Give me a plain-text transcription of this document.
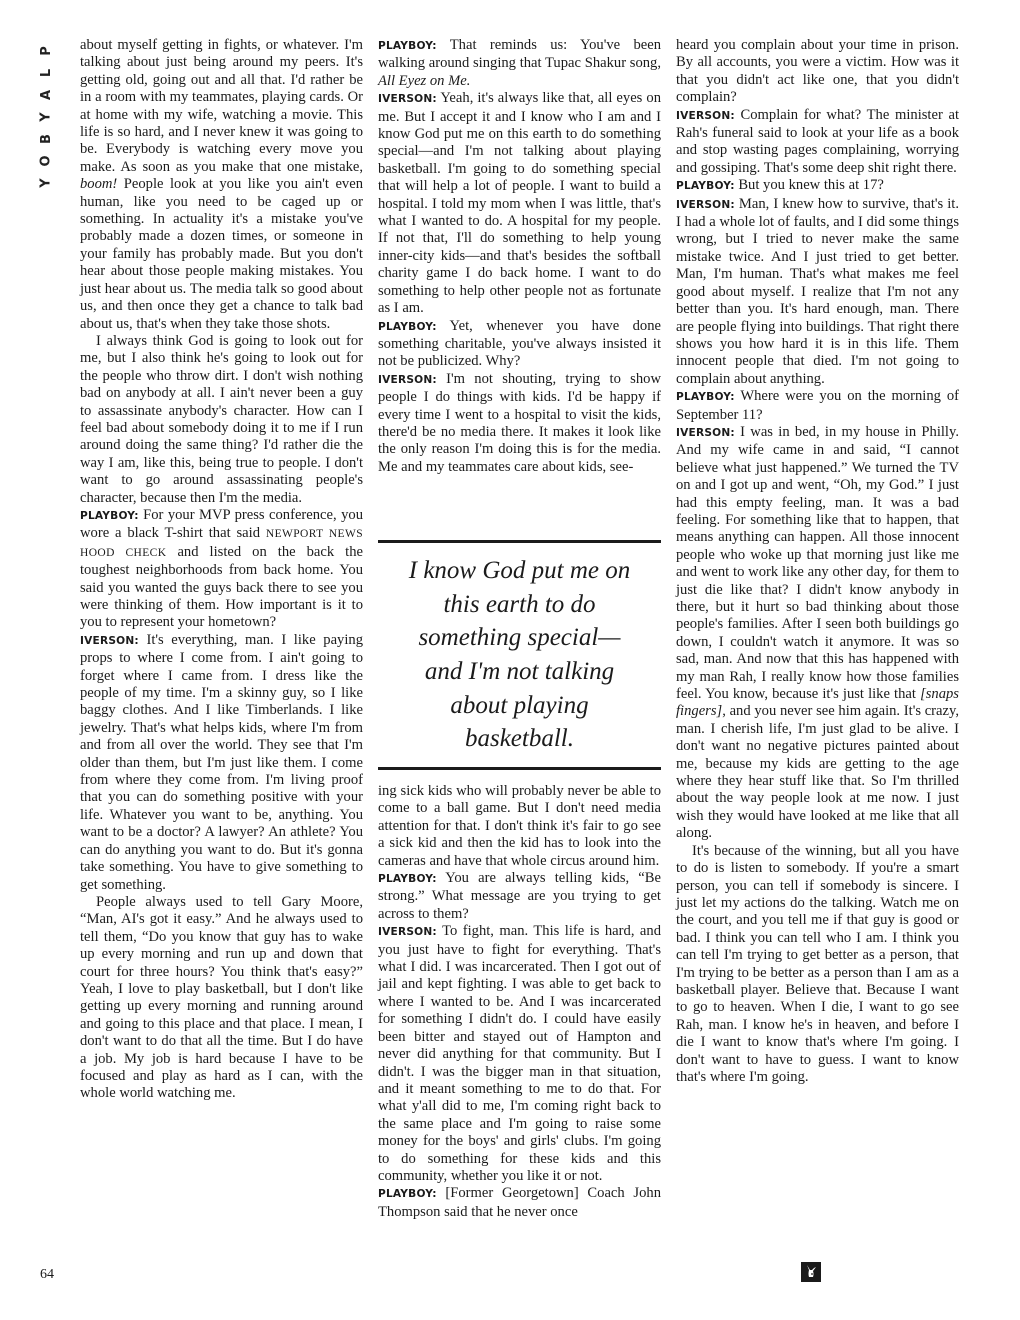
P
L
A
Y
B
O
Y

about myself getting in fights, or whatever. I'm talking about just being around my peers. It's getting old, going out and all that. I'd rather be in a room with my teammates, playing cards. Or at home with my wife, watching a movie. This life is so hard, and I never knew it was going to be. Everybody is watching every move you make. As soon as you make that one mistake, boom! People look at you like you ain't even human, like you need to be caged up or something. In actuality it's a mistake you've probably made a dozen times, or someone in your family has probably made. But you don't hear about those people making mistakes. You just hear about us. The media talk so good about us, and then once they get a chance to talk bad about us, that's when they take those shots.

I always think God is going to look out for me, but I also think he's going to look out for the people who throw dirt. I don't wish nothing bad on anybody at all. I ain't never been a guy to assassinate anybody's character. How can I feel bad about somebody doing it to me if I run around doing the same thing? I'd rather die the way I am, like this, being true to people. I don't want to go around assassinating people's character, because then I'm the media.

PLAYBOY: For your MVP press conference, you wore a black T-shirt that said NEWPORT NEWS HOOD CHECK and listed on the back the toughest neighborhoods from back home. You said you wanted the guys back there to see you were thinking of them. How important is it to you to represent your hometown?

IVERSON: It's everything, man. I like paying props to where I come from. I ain't going to forget where I came from. I dress like the people of my time. I'm a skinny guy, so I like baggy clothes. And I like Timberlands. I like jewelry. That's what helps kids, where I'm from and from all over the world. They see that I'm older than them, but I'm just like them. I come from where they come from. I'm living proof that you can do something positive with your life. Whatever you want to be, anything. You want to be a doctor? A lawyer? An athlete? You can do anything you want to do. But it's gonna take something. You have to give something to get something.

People always used to tell Gary Moore, “Man, AI's got it easy.” And he always used to tell them, “Do you know that guy has to wake up every morning and run up and down that court for three hours? You think that's easy?” Yeah, I love to play basketball, but I don't like getting up every morning and running around and going to this place and that place. I mean, I don't want to do that all the time. But I do have a job. My job is hard because I have to be focused and play as hard as I can, with the whole world watching me.

PLAYBOY: That reminds us: You've been walking around singing that Tupac Shakur song, All Eyez on Me.

IVERSON: Yeah, it's always like that, all eyes on me. But I accept it and I know who I am and I know God put me on this earth to do something special—and I'm not talking about playing basketball. I'm going to do something special that will help a lot of people. I want to build a hospital. I told my mom when I was little, that's what I wanted to do. A hospital for my people. If not that, I'll do something to help young inner-city kids—and that's besides the softball charity game I do back home. I want to do something to help other people not as fortunate as I am.

PLAYBOY: Yet, whenever you have done something charitable, you've always insisted it not be publicized. Why?

IVERSON: I'm not shouting, trying to show people I do things with kids. I'd be happy if every time I went to a hospital to visit the kids, there'd be no media there. It makes it look like the only reason I'm doing this is for the media. Me and my teammates care about kids, see-

I know God put me on this earth to do something special—and I'm not talking about playing basketball.

ing sick kids who will probably never be able to come to a ball game. But I don't need media attention for that. I don't think it's fair to go see a sick kid and then the kid has to look into the cameras and have that whole circus around him.

PLAYBOY: You are always telling kids, “Be strong.” What message are you trying to get across to them?

IVERSON: To fight, man. This life is hard, and you just have to fight for everything. That's what I did. I was incarcerated. Then I got out of jail and kept fighting. I was able to get back to where I wanted to be. And I was incarcerated for something I didn't do. I could have easily been bitter and stayed out of Hampton and never did anything for that community. But I didn't. I was the bigger man in that situation, and it meant something to me to do that. For what y'all did to me, I'm coming right back to the same place and I'm going to raise some money for the boys' and girls' clubs. I'm going to do something for these kids and this community, whether you like it or not.

PLAYBOY: [Former Georgetown] Coach John Thompson said that he never once

heard you complain about your time in prison. By all accounts, you were a victim. How was it that you didn't act like one, that you didn't complain?

IVERSON: Complain for what? The minister at Rah's funeral said to look at your life as a book and stop wasting pages complaining, worrying and gossiping. That's some deep shit right there.

PLAYBOY: But you knew this at 17?

IVERSON: Man, I knew how to survive, that's it. I had a whole lot of faults, and I did some things wrong, but I tried to never make the same mistake twice. And I just tried to get better. Man, I'm human. That's what makes me feel good about myself. I realize that I'm not any better than you. It's hard enough, man. There are people flying into buildings. That right there shows you how hard it is in this life. Them innocent people that died. I'm not going to complain about anything.

PLAYBOY: Where were you on the morning of September 11?

IVERSON: I was in bed, in my house in Philly. And my wife came in and said, “I cannot believe what just happened.” We turned the TV on and I got up and went, “Oh, my God.” I just had this empty feeling, man. It was a bad feeling. For something like that to happen, that means anything can happen. All those innocent people who woke up that morning just like me and went to work like any other day, for them to just die like that? I didn't know anybody in there, but it hurt so bad thinking about those people's families. After I seen both buildings go down, I couldn't watch it anymore. It was so sad, man. And now that this has happened with my man Rah, I really know how those families feel. You know, because it's just like that [snaps fingers], and you never see him again. It's crazy, man. I cherish life, I'm just glad to be alive. I don't want no negative pictures painted about me, because my kids are getting to the age where they hear stuff like that. So I'm thrilled about the way people look at me now. I just wish they would have looked at me like that all along.

It's because of the winning, but all you have to do is listen to somebody. If you're a smart person, you can tell if somebody is sincere. I just let my actions do the talking. Watch me on the court, and you tell me if that guy is good or bad. I think you can tell who I am. I think you can tell I'm trying to get better as a person, that I'm trying to be better as a person than I am as a basketball player. Believe that. Because I want to go to heaven. When I die, I want to go see Rah, man. I know he's in heaven, and before I die I want to know that's where I'm going. I don't want to have to guess. I want to know that's where I'm going.

64
